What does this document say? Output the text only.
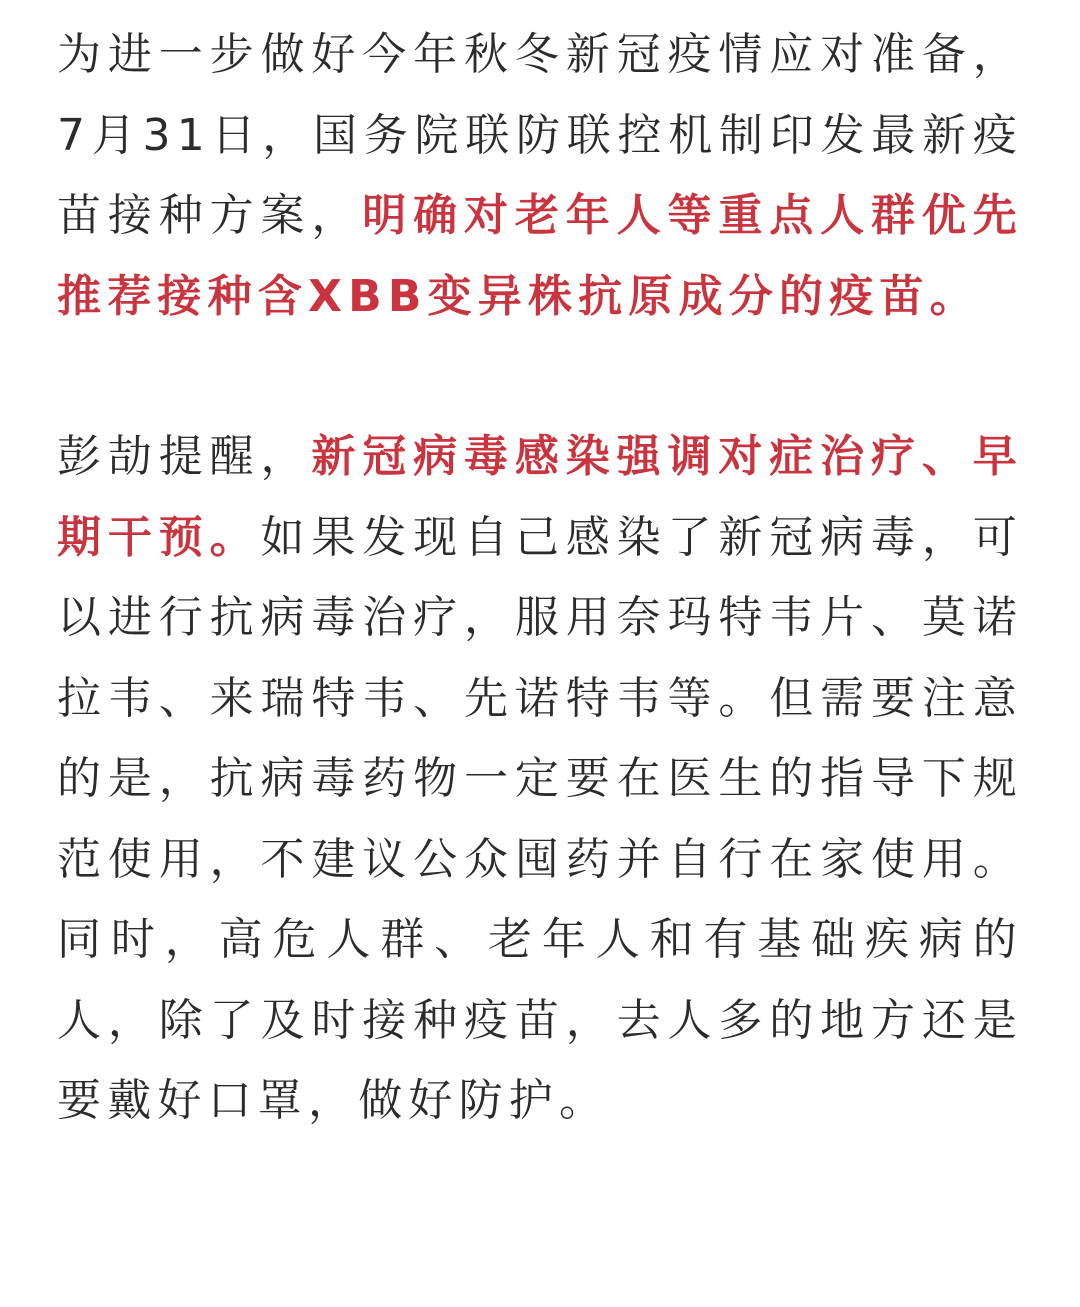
为进一步做好今年秋冬新冠疫情应对准备，7月31日，国务院联防联控机制印发最新疫苗接种方案，明确对老年人等重点人群优先推荐接种含XBB变异株抗原成分的疫苗。

彭劼提醒，新冠病毒感染强调对症治疗、早期干预。如果发现自己感染了新冠病毒，可以进行抗病毒治疗，服用奈玛特韦片、莫诺拉韦、来瑞特韦、先诺特韦等。但需要注意的是，抗病毒药物一定要在医生的指导下规范使用，不建议公众囤药并自行在家使用。同时，高危人群、老年人和有基础疾病的人，除了及时接种疫苗，去人多的地方还是要戴好口罩，做好防护。
